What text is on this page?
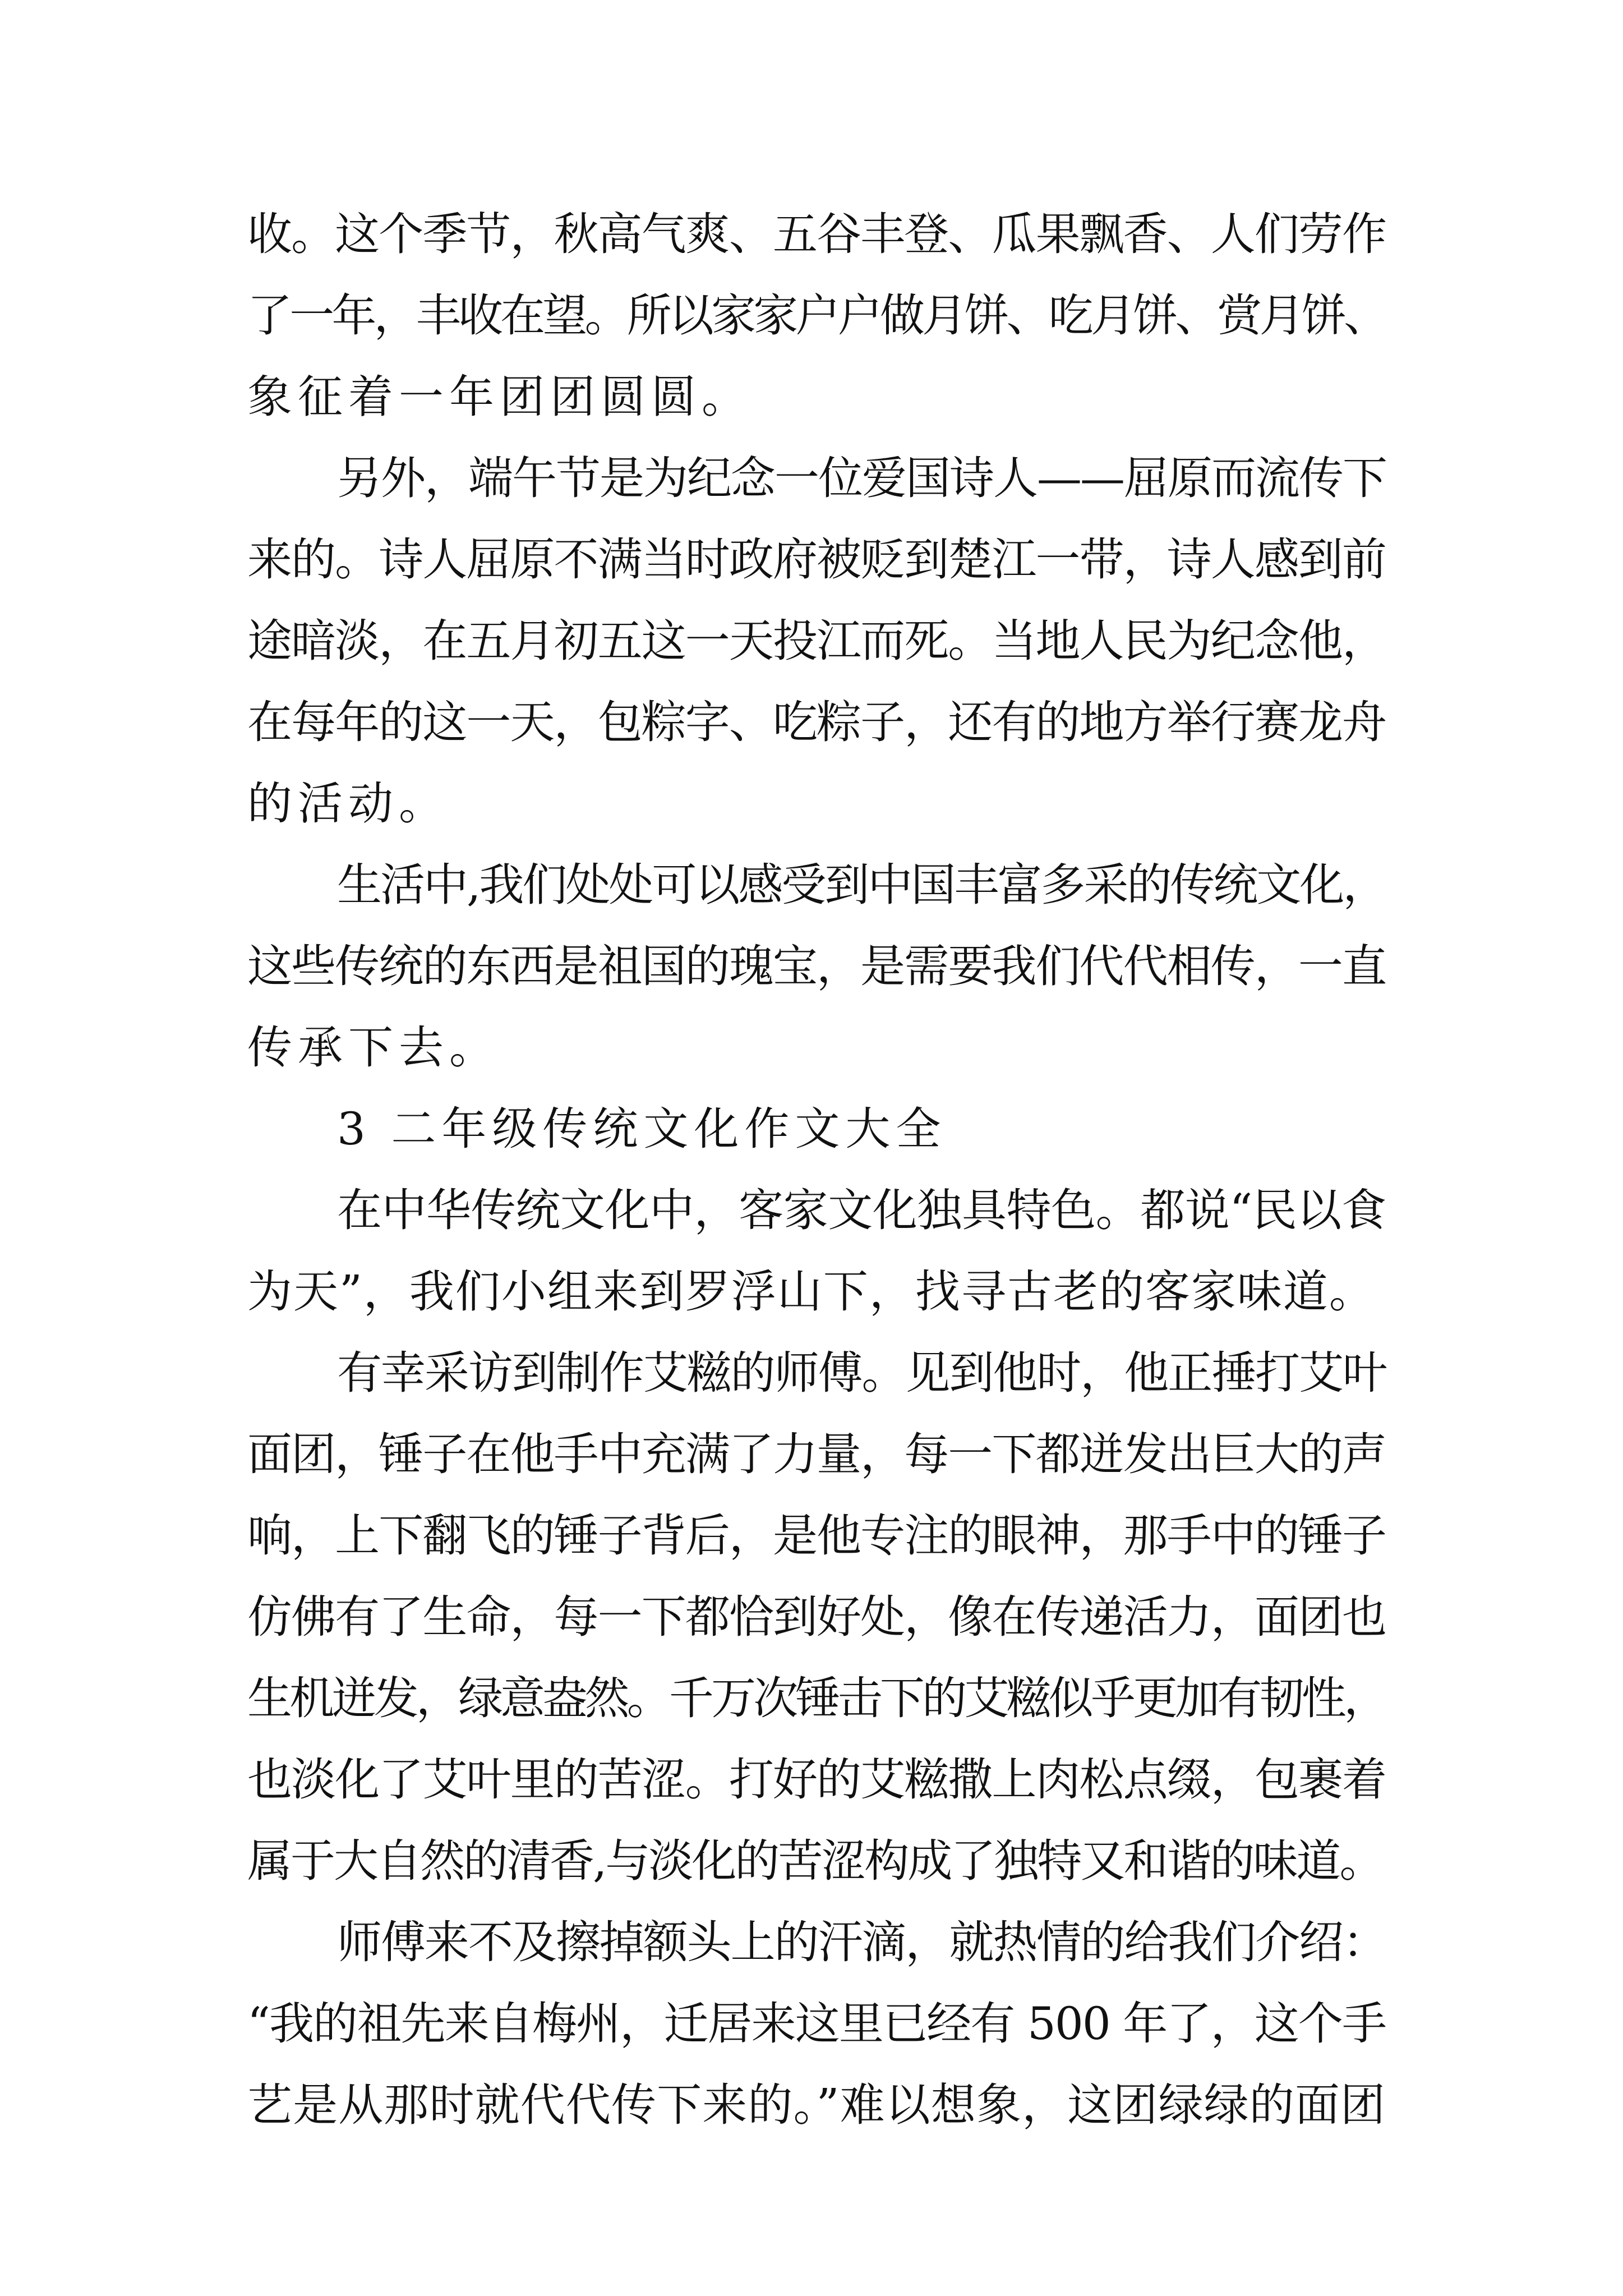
收。这个季节，秋高气爽、五谷丰登、瓜果飘香、人们劳作
了一年，丰收在望。所以家家户户做月饼、吃月饼、赏月饼、
象征着一年团团圆圆。
另外，端午节是为纪念一位爱国诗人——屈原而流传下
来的。诗人屈原不满当时政府被贬到楚江一带，诗人感到前
途暗淡，在五月初五这一天投江而死。当地人民为纪念他，
在每年的这一天，包粽字、吃粽子，还有的地方举行赛龙舟
的活动。
生活中,我们处处可以感受到中国丰富多采的传统文化，
这些传统的东西是祖国的瑰宝，是需要我们代代相传，一直
传承下去。
3 二年级传统文化作文大全
在中华传统文化中，客家文化独具特色。都说“民以食
为天”，我们小组来到罗浮山下，找寻古老的客家味道。
有幸采访到制作艾糍的师傅。见到他时，他正捶打艾叶
面团，锤子在他手中充满了力量，每一下都迸发出巨大的声
响，上下翻飞的锤子背后，是他专注的眼神，那手中的锤子
仿佛有了生命，每一下都恰到好处，像在传递活力，面团也
生机迸发，绿意盎然。千万次锤击下的艾糍似乎更加有韧性，
也淡化了艾叶里的苦涩。打好的艾糍撒上肉松点缀，包裹着
属于大自然的清香,与淡化的苦涩构成了独特又和谐的味道。
师傅来不及擦掉额头上的汗滴，就热情的给我们介绍：
“我的祖先来自梅州，迁居来这里已经有 500 年了，这个手
艺是从那时就代代传下来的。”难以想象，这团绿绿的面团
